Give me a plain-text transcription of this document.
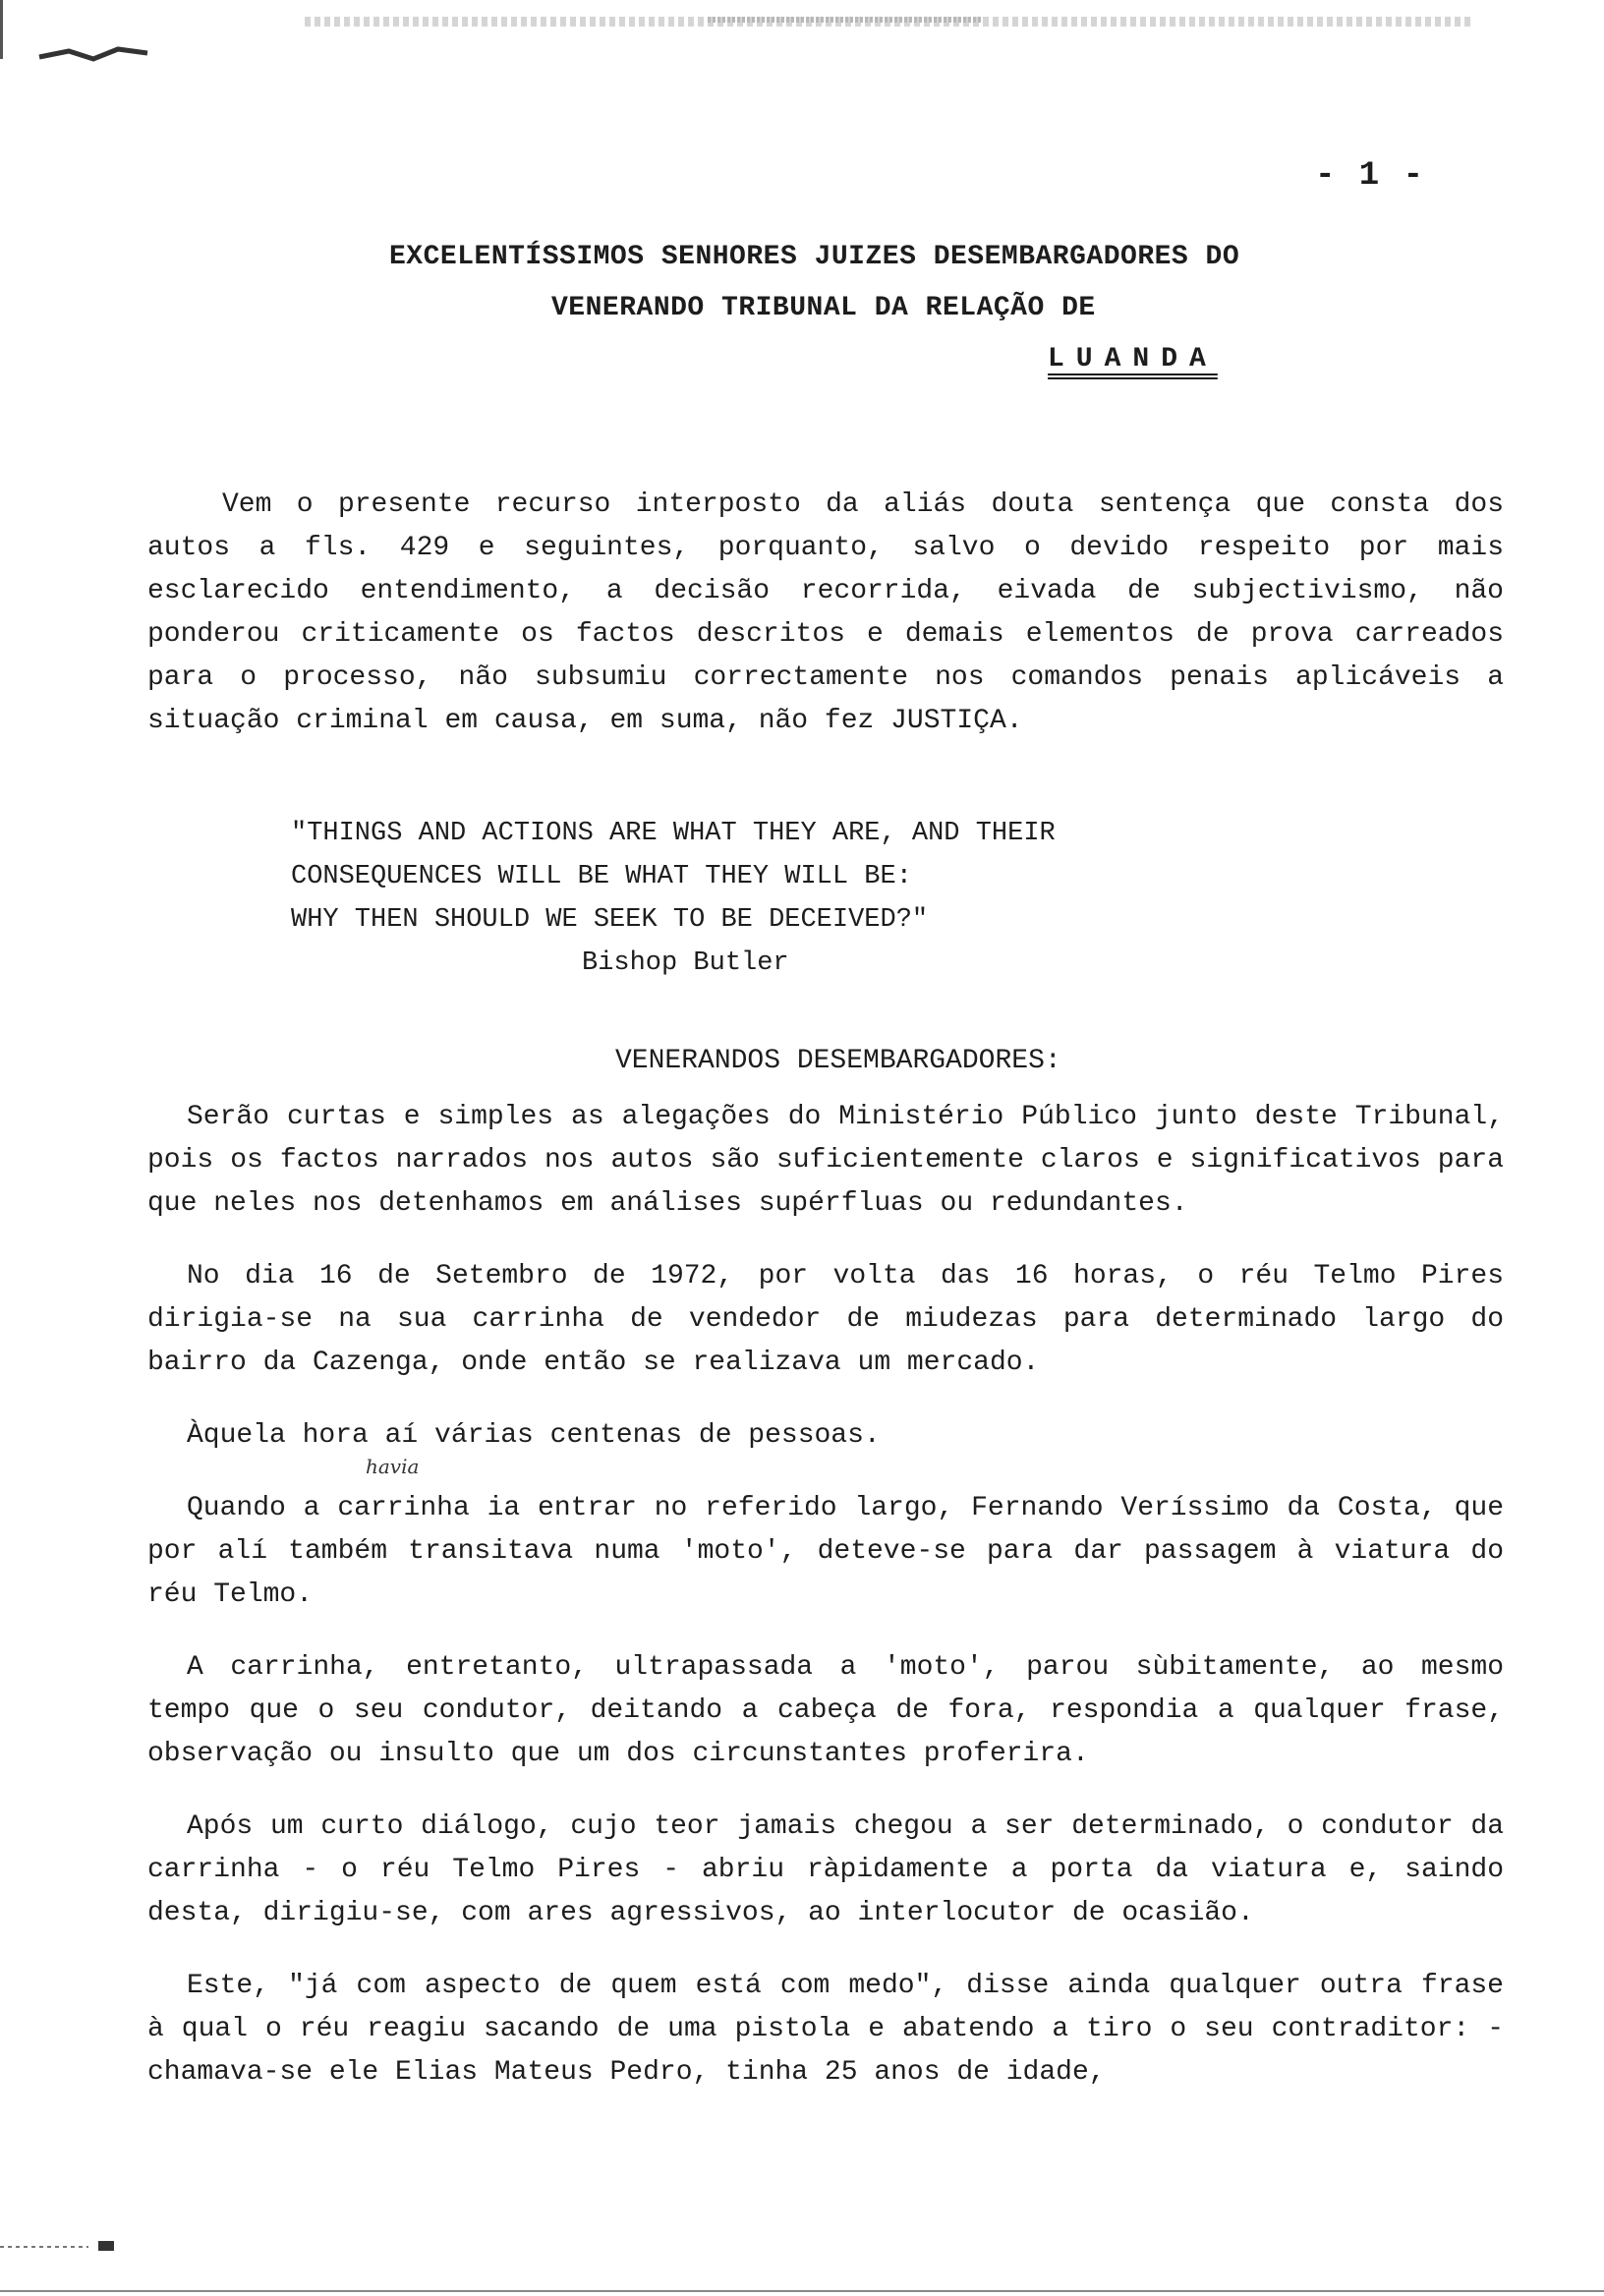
- 1 -
EXCELENTÍSSIMOS SENHORES JUIZES DESEMBARGADORES DO
VENERANDO TRIBUNAL DA RELAÇÃO DE
LUANDA

Vem o presente recurso interposto da aliás douta sentença que consta dos autos a fls. 429 e seguintes, porquanto, salvo o devido respeito por mais esclarecido entendimento, a decisão recorrida, eivada de subjectivismo, não ponderou criticamente os factos descritos e demais elementos de prova carreados para o processo, não subsumiu correctamente nos comandos penais aplicáveis a situação criminal em causa, em suma, não fez JUSTIÇA.

"THINGS AND ACTIONS ARE WHAT THEY ARE, AND THEIR
CONSEQUENCES WILL BE WHAT THEY WILL BE:
WHY THEN SHOULD WE SEEK TO BE DECEIVED?"
Bishop Butler
VENERANDOS DESEMBARGADORES:

Serão curtas e simples as alegações do Ministério Público junto deste Tribunal, pois os factos narrados nos autos são suficientemente claros e significativos para que neles nos detenhamos em análises supérfluas ou redundantes.

No dia 16 de Setembro de 1972, por volta das 16 horas, o réu Telmo Pires dirigia-se na sua carrinha de vendedor de miudezas para determinado largo do bairro da Cazenga, onde então se realizava um mercado.

Àquela hora aí várias centenas de pessoas.

Quando a carrinha ia entrar no referido largo, Fernando Veríssimo da Costa, que por alí também transitava numa 'moto', deteve-se para dar passagem à viatura do réu Telmo.

A carrinha, entretanto, ultrapassada a 'moto', parou sùbitamente, ao mesmo tempo que o seu condutor, deitando a cabeça de fora, respondia a qualquer frase, observação ou insulto que um dos circunstantes proferira.

Após um curto diálogo, cujo teor jamais chegou a ser determinado, o condutor da carrinha - o réu Telmo Pires - abriu ràpidamente a porta da viatura e, saindo desta, dirigiu-se, com ares agressivos, ao interlocutor de ocasião.

Este, "já com aspecto de quem está com medo", disse ainda qualquer outra frase à qual o réu reagiu sacando de uma pistola e abatendo a tiro o seu contraditor: - chamava-se ele Elias Mateus Pedro, tinha 25 anos de idade,

havia
